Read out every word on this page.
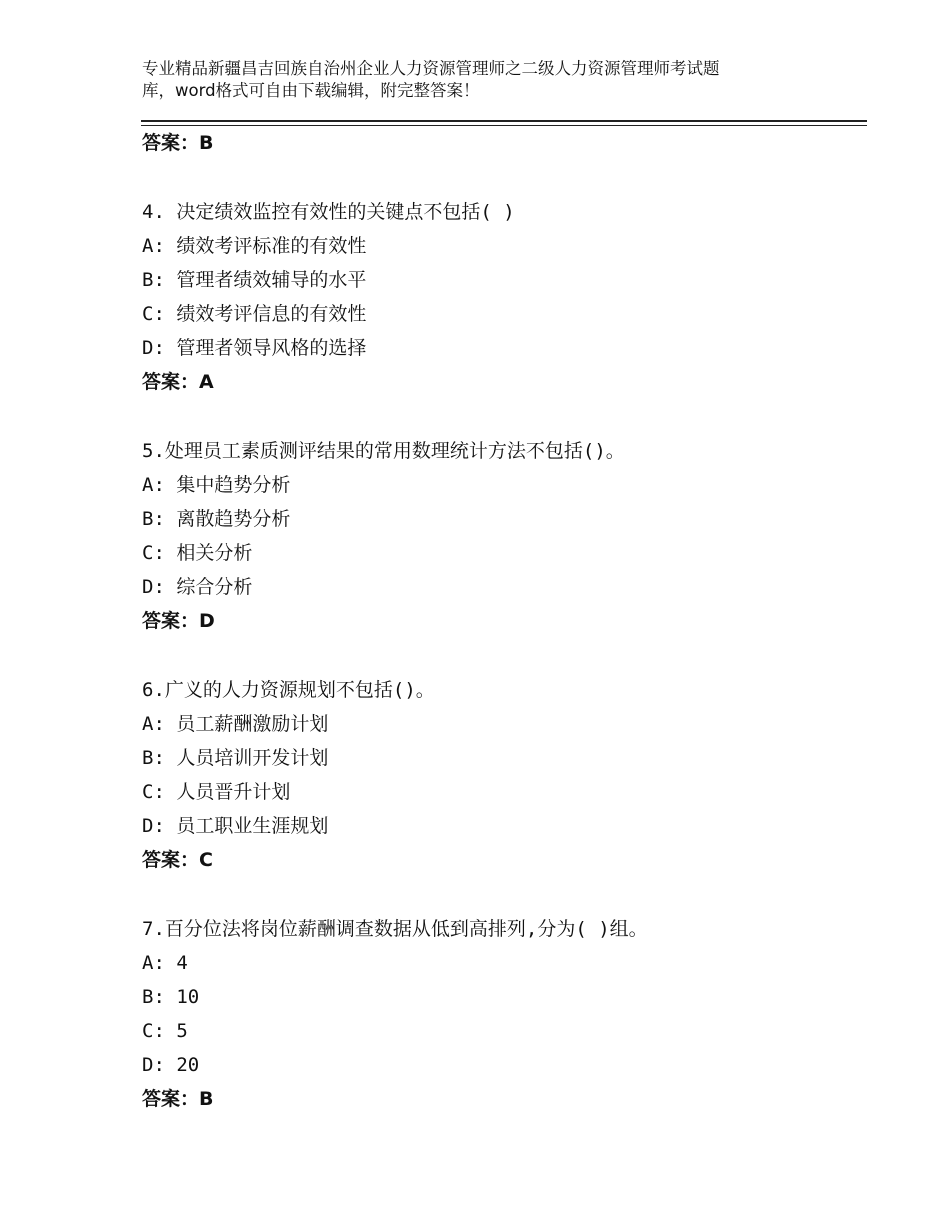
专业精品新疆昌吉回族自治州企业人力资源管理师之二级人力资源管理师考试题
库，word格式可自由下载编辑，附完整答案！
答案：B
4. 决定绩效监控有效性的关键点不包括( )
A: 绩效考评标准的有效性
B: 管理者绩效辅导的水平
C: 绩效考评信息的有效性
D: 管理者领导风格的选择
答案：A
5.处理员工素质测评结果的常用数理统计方法不包括()。
A: 集中趋势分析
B: 离散趋势分析
C: 相关分析
D: 综合分析
答案：D
6.广义的人力资源规划不包括()。
A: 员工薪酬激励计划
B: 人员培训开发计划
C: 人员晋升计划
D: 员工职业生涯规划
答案：C
7.百分位法将岗位薪酬调查数据从低到高排列,分为( )组。
A: 4
B: 10
C: 5
D: 20
答案：B
